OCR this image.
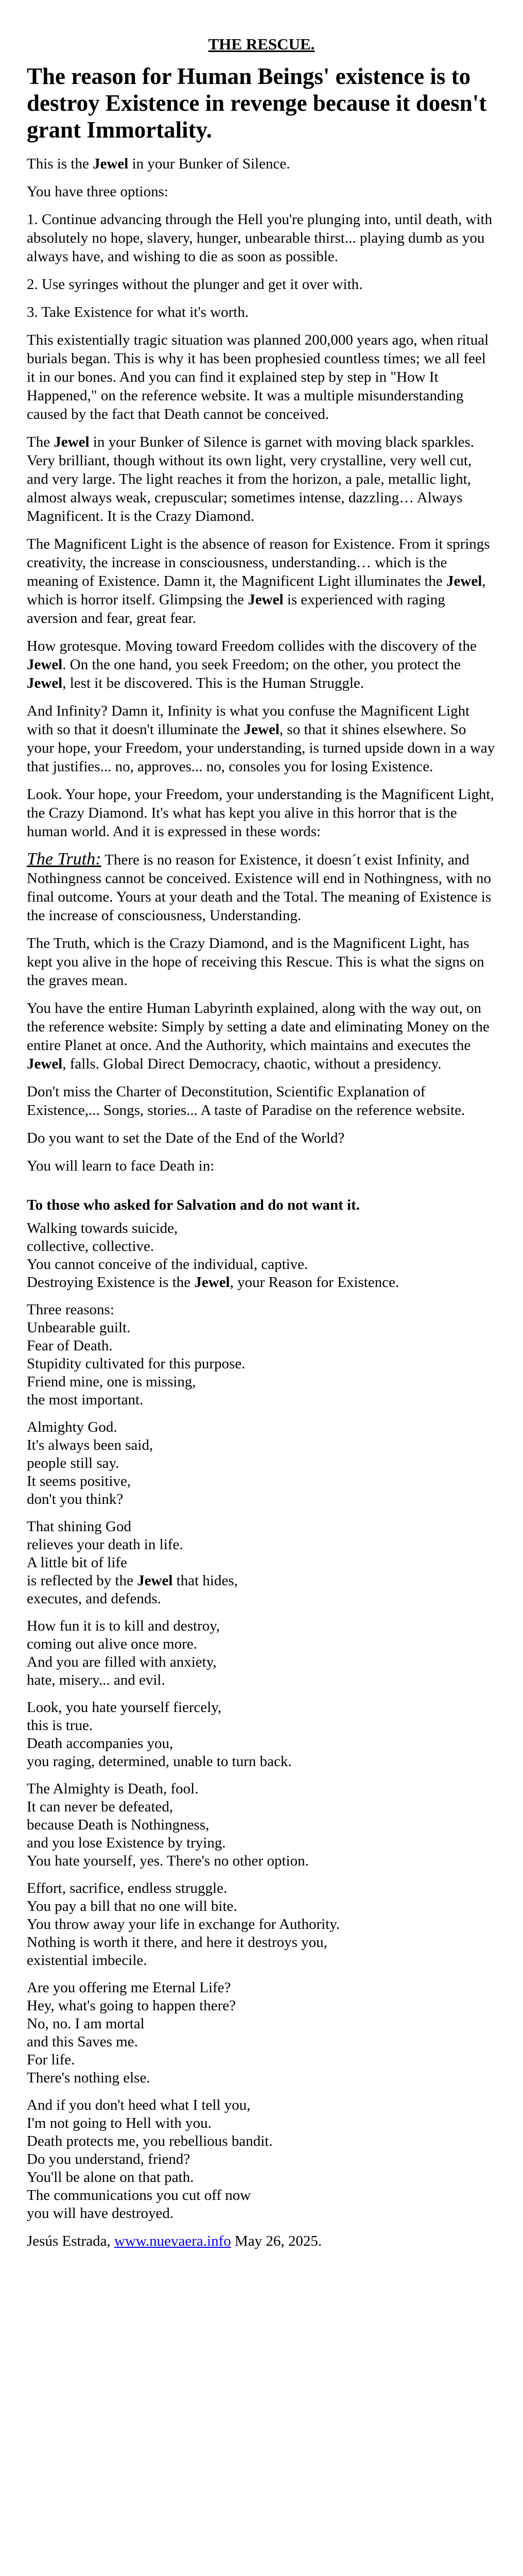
THE RESCUE.
The reason for Human Beings' existence is to destroy Existence in revenge because it doesn't grant Immortality.
This is the Jewel in your Bunker of Silence.
You have three options:
1. Continue advancing through the Hell you're plunging into, until death, with absolutely no hope, slavery, hunger, unbearable thirst... playing dumb as you always have, and wishing to die as soon as possible.
2. Use syringes without the plunger and get it over with.
3. Take Existence for what it's worth.
This existentially tragic situation was planned 200,000 years ago, when ritual burials began. This is why it has been prophesied countless times; we all feel it in our bones. And you can find it explained step by step in "How It Happened," on the reference website. It was a multiple misunderstanding caused by the fact that Death cannot be conceived.
The Jewel in your Bunker of Silence is garnet with moving black sparkles. Very brilliant, though without its own light, very crystalline, very well cut, and very large. The light reaches it from the horizon, a pale, metallic light, almost always weak, crepuscular; sometimes intense, dazzling… Always Magnificent. It is the Crazy Diamond.
The Magnificent Light is the absence of reason for Existence. From it springs creativity, the increase in consciousness, understanding… which is the meaning of Existence. Damn it, the Magnificent Light illuminates the Jewel, which is horror itself. Glimpsing the Jewel is experienced with raging aversion and fear, great fear.
How grotesque. Moving toward Freedom collides with the discovery of the Jewel. On the one hand, you seek Freedom; on the other, you protect the Jewel, lest it be discovered. This is the Human Struggle.
And Infinity? Damn it, Infinity is what you confuse the Magnificent Light with so that it doesn't illuminate the Jewel, so that it shines elsewhere. So your hope, your Freedom, your understanding, is turned upside down in a way that justifies... no, approves... no, consoles you for losing Existence.
Look. Your hope, your Freedom, your understanding is the Magnificent Light, the Crazy Diamond. It's what has kept you alive in this horror that is the human world. And it is expressed in these words:
The Truth: There is no reason for Existence, it doesn´t exist Infinity, and Nothingness cannot be conceived. Existence will end in Nothingness, with no final outcome. Yours at your death and the Total. The meaning of Existence is the increase of consciousness, Understanding.
The Truth, which is the Crazy Diamond, and is the Magnificent Light, has kept you alive in the hope of receiving this Rescue. This is what the signs on the graves mean.
You have the entire Human Labyrinth explained, along with the way out, on the reference website: Simply by setting a date and eliminating Money on the entire Planet at once. And the Authority, which maintains and executes the Jewel, falls. Global Direct Democracy, chaotic, without a presidency.
Don't miss the Charter of Deconstitution, Scientific Explanation of Existence,... Songs, stories... A taste of Paradise on the reference website.
Do you want to set the Date of the End of the World?
You will learn to face Death in:
To those who asked for Salvation and do not want it.
Walking towards suicide,
collective, collective.
You cannot conceive of the individual, captive.
Destroying Existence is the Jewel, your Reason for Existence.
Three reasons:
Unbearable guilt.
Fear of Death.
Stupidity cultivated for this purpose.
Friend mine, one is missing,
the most important.
Almighty God.
It's always been said,
people still say.
It seems positive,
don't you think?
That shining God
relieves your death in life.
A little bit of life
is reflected by the Jewel that hides,
executes, and defends.
How fun it is to kill and destroy,
coming out alive once more.
And you are filled with anxiety,
hate, misery... and evil.
Look, you hate yourself fiercely,
this is true.
Death accompanies you,
you raging, determined, unable to turn back.
The Almighty is Death, fool.
It can never be defeated,
because Death is Nothingness,
and you lose Existence by trying.
You hate yourself, yes. There's no other option.
Effort, sacrifice, endless struggle.
You pay a bill that no one will bite.
You throw away your life in exchange for Authority.
Nothing is worth it there, and here it destroys you,
existential imbecile.
Are you offering me Eternal Life?
Hey, what's going to happen there?
No, no. I am mortal
and this Saves me.
For life.
There's nothing else.
And if you don't heed what I tell you,
I'm not going to Hell with you.
Death protects me, you rebellious bandit.
Do you understand, friend?
You'll be alone on that path.
The communications you cut off now
you will have destroyed.
Jesús Estrada, www.nuevaera.info May 26, 2025.
